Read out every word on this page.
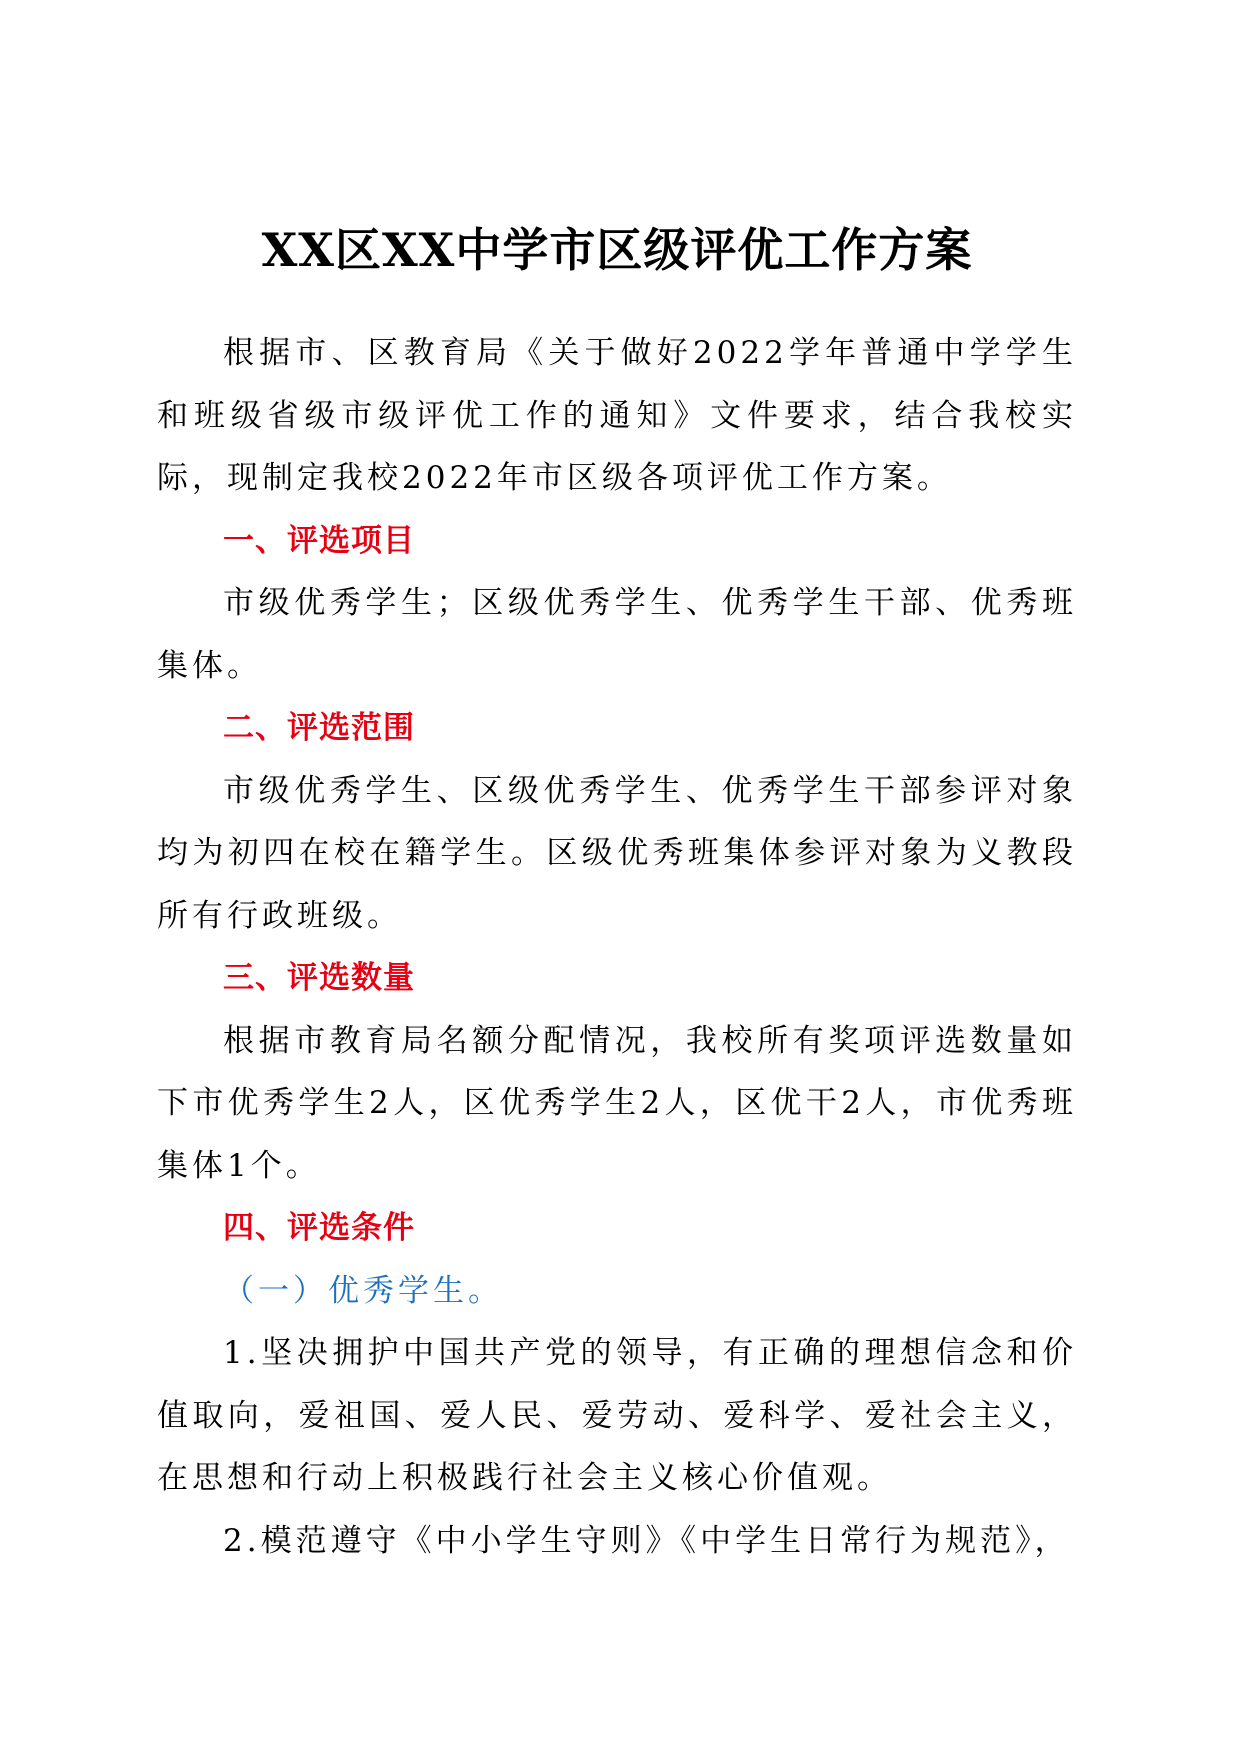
XX区XX中学市区级评优工作方案

根据市、区教育局《关于做好2022学年普通中学学生和班级省级市级评优工作的通知》文件要求，结合我校实际，现制定我校2022年市区级各项评优工作方案。

一、评选项目

市级优秀学生；区级优秀学生、优秀学生干部、优秀班集体。

二、评选范围

市级优秀学生、区级优秀学生、优秀学生干部参评对象均为初四在校在籍学生。区级优秀班集体参评对象为义教段所有行政班级。

三、评选数量

根据市教育局名额分配情况，我校所有奖项评选数量如下市优秀学生2人，区优秀学生2人，区优干2人，市优秀班集体1个。

四、评选条件

（一）优秀学生。

1.坚决拥护中国共产党的领导，有正确的理想信念和价值取向，爱祖国、爱人民、爱劳动、爱科学、爱社会主义，在思想和行动上积极践行社会主义核心价值观。

2.模范遵守《中小学生守则》《中学生日常行为规范》，
